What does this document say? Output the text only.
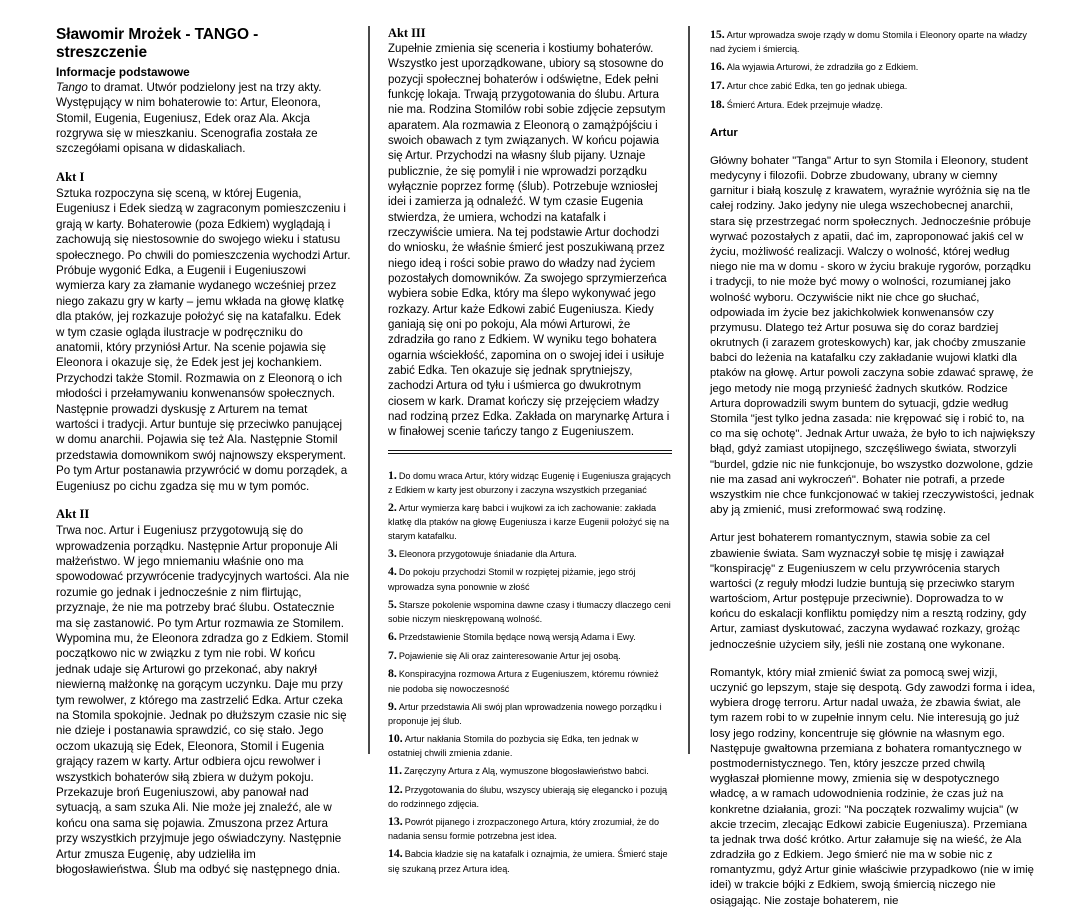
Sławomir Mrożek - TANGO - streszczenie
Informacje podstawowe

Tango to dramat. Utwór podzielony jest na trzy akty. Występujący w nim bohaterowie to: Artur, Eleonora, Stomil, Eugenia, Eugeniusz, Edek oraz Ala. Akcja rozgrywa się w mieszkaniu. Scenografia została ze szczegółami opisana w didaskaliach.

Akt I

Sztuka rozpoczyna się sceną, w której Eugenia, Eugeniusz i Edek siedzą w zagraconym pomieszczeniu i grają w karty. Bohaterowie (poza Edkiem) wyglądają i zachowują się niestosownie do swojego wieku i statusu społecznego. Po chwili do pomieszczenia wychodzi Artur. Próbuje wygonić Edka, a Eugenii i Eugeniuszowi wymierza kary za złamanie wydanego wcześniej przez niego zakazu gry w karty – jemu wkłada na głowę klatkę dla ptaków, jej rozkazuje położyć się na katafalku. Edek w tym czasie ogląda ilustracje w podręczniku do anatomii, który przyniósł Artur. Na scenie pojawia się Eleonora i okazuje się, że Edek jest jej kochankiem. Przychodzi także Stomil. Rozmawia on z Eleonorą o ich młodości i przełamywaniu konwenansów społecznych. Następnie prowadzi dyskusję z Arturem na temat wartości i tradycji. Artur buntuje się przeciwko panującej w domu anarchii. Pojawia się też Ala. Następnie Stomil przedstawia domownikom swój najnowszy eksperyment. Po tym Artur postanawia przywrócić w domu porządek, a Eugeniusz po cichu zgadza się mu w tym pomóc.

Akt II

Trwa noc. Artur i Eugeniusz przygotowują się do wprowadzenia porządku. Następnie Artur proponuje Ali małżeństwo. W jego mniemaniu właśnie ono ma spowodować przywrócenie tradycyjnych wartości. Ala nie rozumie go jednak i jednocześnie z nim flirtując, przyznaje, że nie ma potrzeby brać ślubu. Ostatecznie ma się zastanowić. Po tym Artur rozmawia ze Stomilem. Wypomina mu, że Eleonora zdradza go z Edkiem. Stomil początkowo nic w związku z tym nie robi. W końcu jednak udaje się Arturowi go przekonać, aby nakrył niewierną małżonkę na gorącym uczynku. Daje mu przy tym rewolwer, z którego ma zastrzelić Edka. Artur czeka na Stomila spokojnie. Jednak po dłuższym czasie nic się nie dzieje i postanawia sprawdzić, co się stało. Jego oczom ukazują się Edek, Eleonora, Stomil i Eugenia grający razem w karty. Artur odbiera ojcu rewolwer i wszystkich bohaterów siłą zbiera w dużym pokoju. Przekazuje broń Eugeniuszowi, aby panował nad sytuacją, a sam szuka Ali. Nie może jej znaleźć, ale w końcu ona sama się pojawia. Zmuszona przez Artura przy wszystkich przyjmuje jego oświadczyny. Następnie Artur zmusza Eugenię, aby udzieliła im błogosławieństwa. Ślub ma odbyć się następnego dnia.

Akt III

Zupełnie zmienia się sceneria i kostiumy bohaterów. Wszystko jest uporządkowane, ubiory są stosowne do pozycji społecznej bohaterów i odświętne, Edek pełni funkcję lokaja. Trwają przygotowania do ślubu. Artura nie ma. Rodzina Stomilów robi sobie zdjęcie zepsutym aparatem. Ala rozmawia z Eleonorą o zamążpójściu i swoich obawach z tym związanych. W końcu pojawia się Artur. Przychodzi na własny ślub pijany. Uznaje publicznie, że się pomylił i nie wprowadzi porządku wyłącznie poprzez formę (ślub). Potrzebuje wzniosłej idei i zamierza ją odnaleźć. W tym czasie Eugenia stwierdza, że umiera, wchodzi na katafalk i rzeczywiście umiera. Na tej podstawie Artur dochodzi do wniosku, że właśnie śmierć jest poszukiwaną przez niego ideą i rości sobie prawo do władzy nad życiem pozostałych domowników. Za swojego sprzymierzeńca wybiera sobie Edka, który ma ślepo wykonywać jego rozkazy. Artur każe Edkowi zabić Eugeniusza. Kiedy ganiają się oni po pokoju, Ala mówi Arturowi, że zdradziła go rano z Edkiem. W wyniku tego bohatera ogarnia wściekłość, zapomina on o swojej idei i usiłuje zabić Edka. Ten okazuje się jednak sprytniejszy, zachodzi Artura od tyłu i uśmierca go dwukrotnym ciosem w kark. Dramat kończy się przejęciem władzy nad rodziną przez Edka. Zakłada on marynarkę Artura i w finałowej scenie tańczy tango z Eugeniuszem.

1. Do domu wraca Artur, który widząc Eugenię i Eugeniusza grających z Edkiem w karty jest oburzony i zaczyna wszystkich przeganiać
2. Artur wymierza karę babci i wujkowi za ich zachowanie: zakłada klatkę dla ptaków na głowę Eugeniusza i karze Eugenii położyć się na starym katafalku.
3. Eleonora przygotowuje śniadanie dla Artura.
4. Do pokoju przychodzi Stomil w rozpiętej piżamie, jego strój wprowadza syna ponownie w złość
5. Starsze pokolenie wspomina dawne czasy i tłumaczy dlaczego ceni sobie niczym nieskrępowaną wolność.
6. Przedstawienie Stomila będące nową wersją Adama i Ewy.
7. Pojawienie się Ali oraz zainteresowanie Artur jej osobą.
8. Konspiracyjna rozmowa Artura z Eugeniuszem, któremu również nie podoba się nowoczesność
9. Artur przedstawia Ali swój plan wprowadzenia nowego porządku i proponuje jej ślub.
10. Artur nakłania Stomila do pozbycia się Edka, ten jednak w ostatniej chwili zmienia zdanie.
11. Zaręczyny Artura z Alą, wymuszone błogosławieństwo babci.
12. Przygotowania do ślubu, wszyscy ubierają się elegancko i pozują do rodzinnego zdjęcia.
13. Powrót pijanego i zrozpaczonego Artura, który zrozumiał, że do nadania sensu formie potrzebna jest idea.
14. Babcia kładzie się na katafalk i oznajmia, że umiera. Śmierć staje się szukaną przez Artura ideą.
15. Artur wprowadza swoje rządy w domu Stomila i Eleonory oparte na władzy nad życiem i śmiercią.
16. Ala wyjawia Arturowi, że zdradziła go z Edkiem.
17. Artur chce zabić Edka, ten go jednak ubiega.
18. Śmierć Artura. Edek przejmuje władzę.
Artur

Główny bohater "Tanga" Artur to syn Stomila i Eleonory, student medycyny i filozofii. Dobrze zbudowany, ubrany w ciemny garnitur i białą koszulę z krawatem, wyraźnie wyróżnia się na tle całej rodziny. Jako jedyny nie ulega wszechobecnej anarchii, stara się przestrzegać norm społecznych. Jednocześnie próbuje wyrwać pozostałych z apatii, dać im, zaproponować jakiś cel w życiu, możliwość realizacji. Walczy o wolność, której według niego nie ma w domu - skoro w życiu brakuje rygorów, porządku i tradycji, to nie może być mowy o wolności, rozumianej jako wolność wyboru. Oczywiście nikt nie chce go słuchać, odpowiada im życie bez jakichkolwiek konwenansów czy przymusu. Dlatego też Artur posuwa się do coraz bardziej okrutnych (i zarazem groteskowych) kar, jak choćby zmuszanie babci do leżenia na katafalku czy zakładanie wujowi klatki dla ptaków na głowę. Artur powoli zaczyna sobie zdawać sprawę, że jego metody nie mogą przynieść żadnych skutków. Rodzice Artura doprowadzili swym buntem do sytuacji, gdzie według Stomila "jest tylko jedna zasada: nie krępować się i robić to, na co ma się ochotę". Jednak Artur uważa, że było to ich największy błąd, gdyż zamiast utopijnego, szczęśliwego świata, stworzyli "burdel, gdzie nic nie funkcjonuje, bo wszystko dozwolone, gdzie nie ma zasad ani wykroczeń". Bohater nie potrafi, a przede wszystkim nie chce funkcjonować w takiej rzeczywistości, jednak aby ją zmienić, musi zreformować swą rodzinę.

Artur jest bohaterem romantycznym, stawia sobie za cel zbawienie świata. Sam wyznaczył sobie tę misję i zawiązał "konspirację" z Eugeniuszem w celu przywrócenia starych wartości (z reguły młodzi ludzie buntują się przeciwko starym wartościom, Artur postępuje przeciwnie). Doprowadza to w końcu do eskalacji konfliktu pomiędzy nim a resztą rodziny, gdy Artur, zamiast dyskutować, zaczyna wydawać rozkazy, grożąc jednocześnie użyciem siły, jeśli nie zostaną one wykonane.

Romantyk, który miał zmienić świat za pomocą swej wizji, uczynić go lepszym, staje się despotą. Gdy zawodzi forma i idea, wybiera drogę terroru. Artur nadal uważa, że zbawia świat, ale tym razem robi to w zupełnie innym celu. Nie interesują go już losy jego rodziny, koncentruje się głównie na własnym ego. Następuje gwałtowna przemiana z bohatera romantycznego w postmodernistycznego. Ten, który jeszcze przed chwilą wygłaszał płomienne mowy, zmienia się w despotycznego władcę, a w ramach udowodnienia rodzinie, że czas już na konkretne działania, grozi: "Na początek rozwalimy wujcia" (w akcie trzecim, zlecając Edkowi zabicie Eugeniusza). Przemiana ta jednak trwa dość krótko. Artur załamuje się na wieść, że Ala zdradziła go z Edkiem. Jego śmierć nie ma w sobie nic z romantyzmu, gdyż Artur ginie właściwie przypadkowo (nie w imię idei) w trakcie bójki z Edkiem, swoją śmiercią niczego nie osiągając. Nie zostaje bohaterem, nie
